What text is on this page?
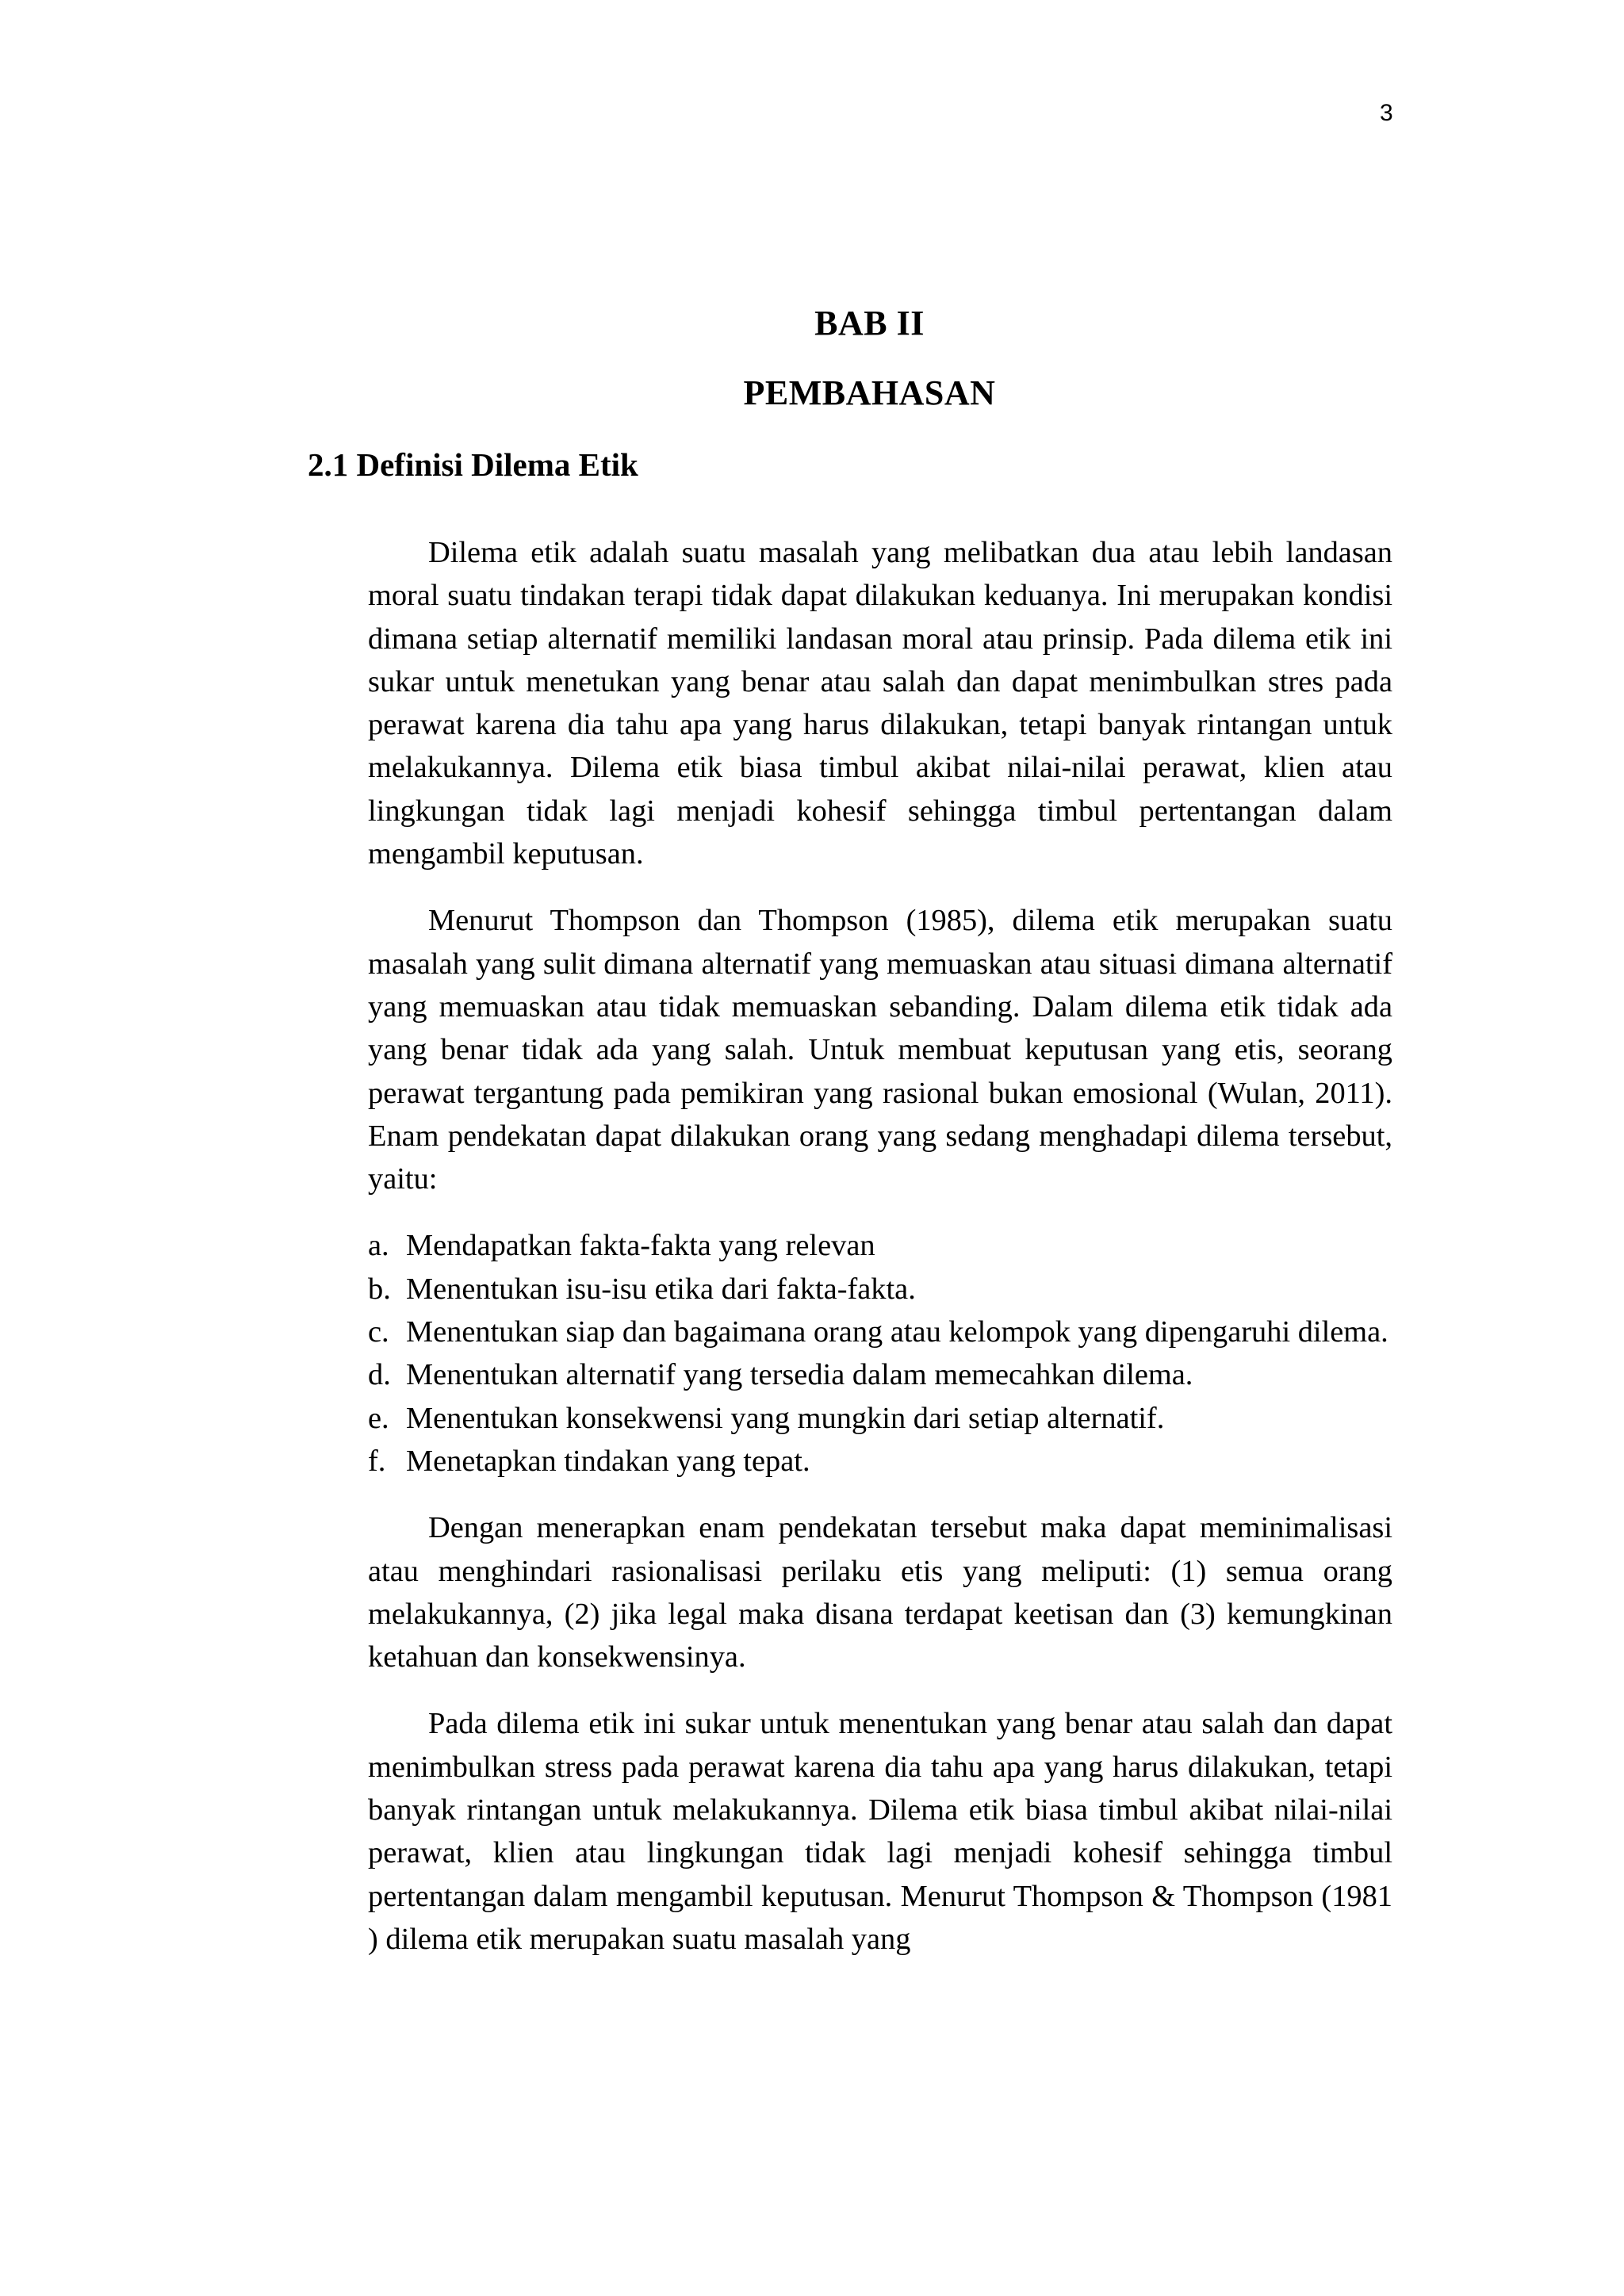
3
BAB II
PEMBAHASAN
2.1 Definisi Dilema Etik

Dilema etik adalah suatu masalah yang melibatkan dua atau lebih landasan moral suatu tindakan terapi tidak dapat dilakukan keduanya. Ini merupakan kondisi dimana setiap alternatif memiliki landasan moral atau prinsip. Pada dilema etik ini sukar untuk menetukan yang benar atau salah dan dapat menimbulkan stres pada perawat karena dia tahu apa yang harus dilakukan, tetapi banyak rintangan untuk melakukannya. Dilema etik biasa timbul akibat nilai-nilai perawat, klien atau lingkungan tidak lagi menjadi kohesif sehingga timbul pertentangan dalam mengambil keputusan.

Menurut Thompson dan Thompson (1985), dilema etik merupakan suatu masalah yang sulit dimana alternatif yang memuaskan atau situasi dimana alternatif yang memuaskan atau tidak memuaskan sebanding. Dalam dilema etik tidak ada yang benar tidak ada yang salah. Untuk membuat keputusan yang etis, seorang perawat tergantung pada pemikiran yang rasional bukan emosional (Wulan, 2011). Enam pendekatan dapat dilakukan orang yang sedang menghadapi dilema tersebut, yaitu:

a. Mendapatkan fakta-fakta yang relevan
b. Menentukan isu-isu etika dari fakta-fakta.
c. Menentukan siap dan bagaimana orang atau kelompok yang dipengaruhi dilema.
d. Menentukan alternatif yang tersedia dalam memecahkan dilema.
e. Menentukan konsekwensi yang mungkin dari setiap alternatif.
f. Menetapkan tindakan yang tepat.

Dengan menerapkan enam pendekatan tersebut maka dapat meminimalisasi atau menghindari rasionalisasi perilaku etis yang meliputi: (1) semua orang melakukannya, (2) jika legal maka disana terdapat keetisan dan (3) kemungkinan ketahuan dan konsekwensinya.

Pada dilema etik ini sukar untuk menentukan yang benar atau salah dan dapat menimbulkan stress pada perawat karena dia tahu apa yang harus dilakukan, tetapi banyak rintangan untuk melakukannya. Dilema etik biasa timbul akibat nilai-nilai perawat, klien atau lingkungan tidak lagi menjadi kohesif sehingga timbul pertentangan dalam mengambil keputusan. Menurut Thompson & Thompson (1981 ) dilema etik merupakan suatu masalah yang
